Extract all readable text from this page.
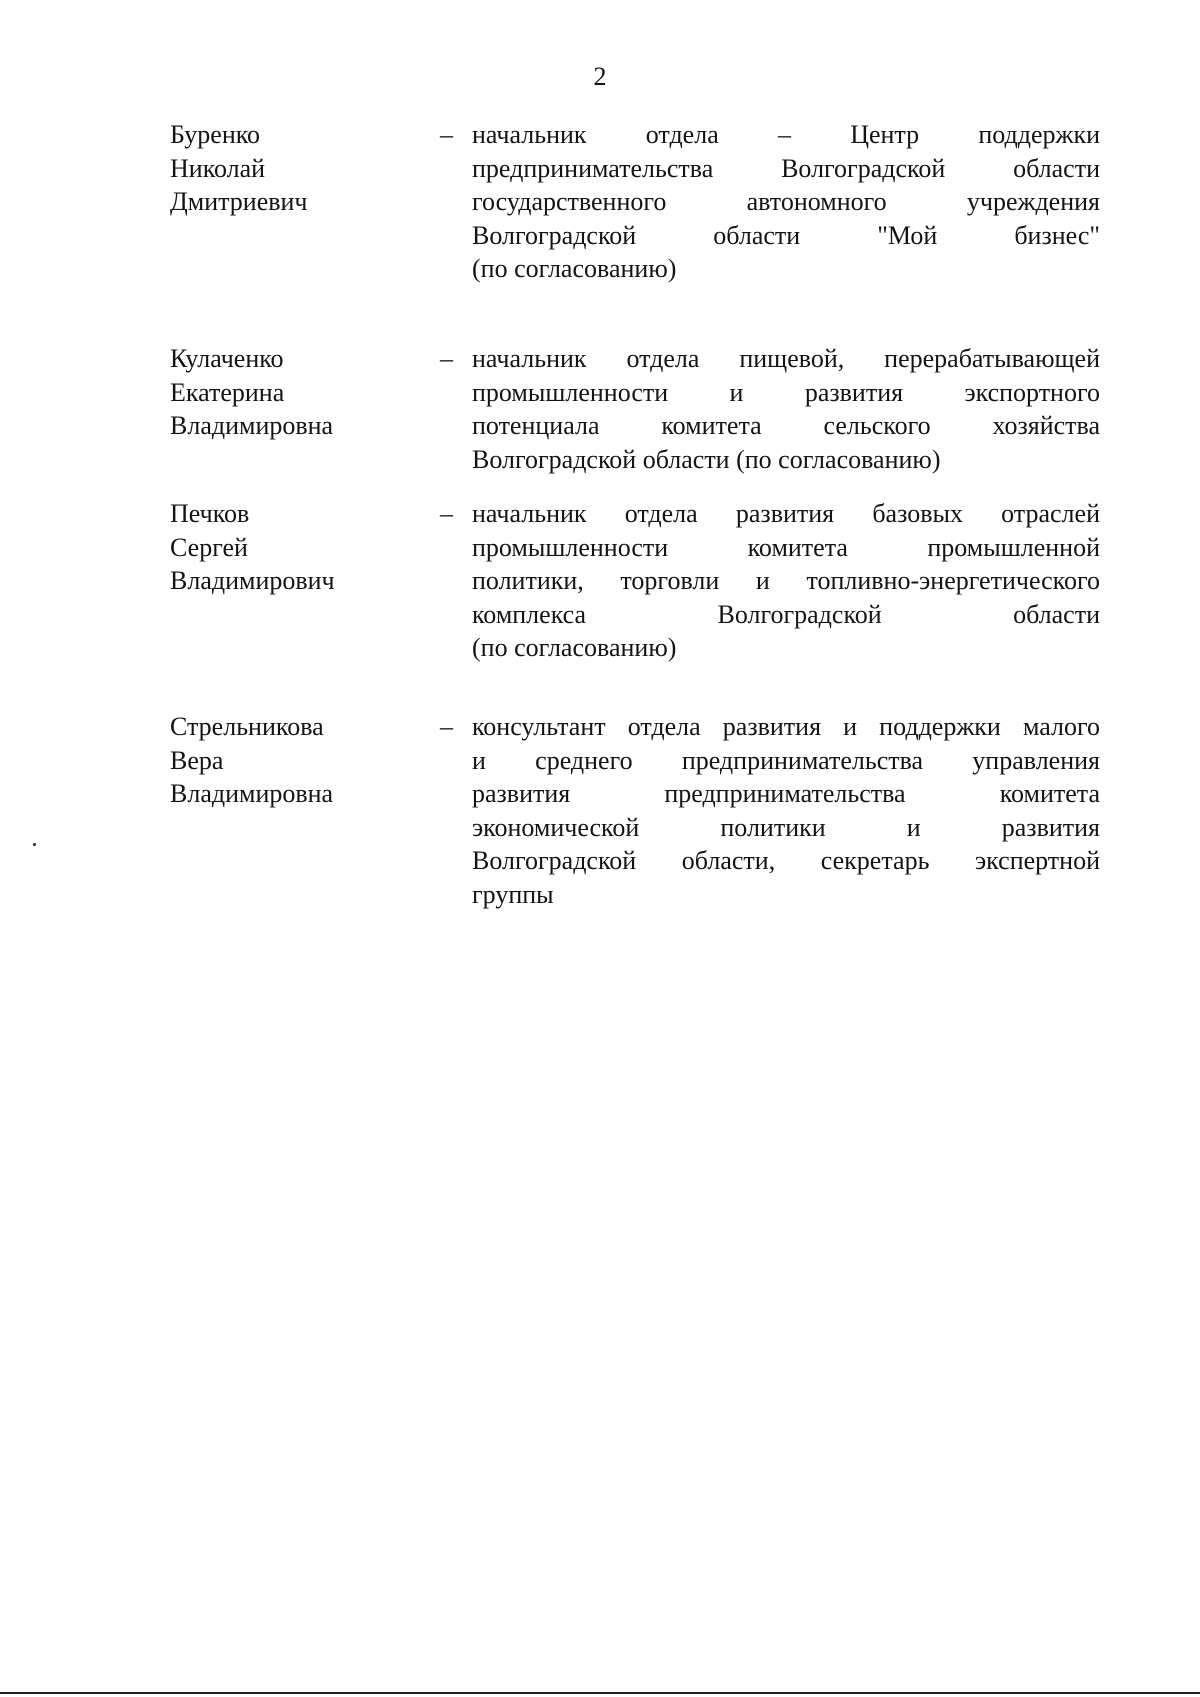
2
Буренко
Николай
Дмитриевич
– начальник отдела – Центр поддержки
предпринимательства Волгоградской области
государственного автономного учреждения
Волгоградской области "Мой бизнес"
(по согласованию)
Кулаченко
Екатерина
Владимировна
– начальник отдела пищевой, перерабатывающей
промышленности и развития экспортного
потенциала комитета сельского хозяйства
Волгоградской области (по согласованию)
Печков
Сергей
Владимирович
– начальник отдела развития базовых отраслей
промышленности комитета промышленной
политики, торговли и топливно-энергетического
комплекса Волгоградской области
(по согласованию)
Стрельникова
Вера
Владимировна
– консультант отдела развития и поддержки малого
и среднего предпринимательства управления
развития предпринимательства комитета
экономической политики и развития
Волгоградской области, секретарь экспертной
группы
